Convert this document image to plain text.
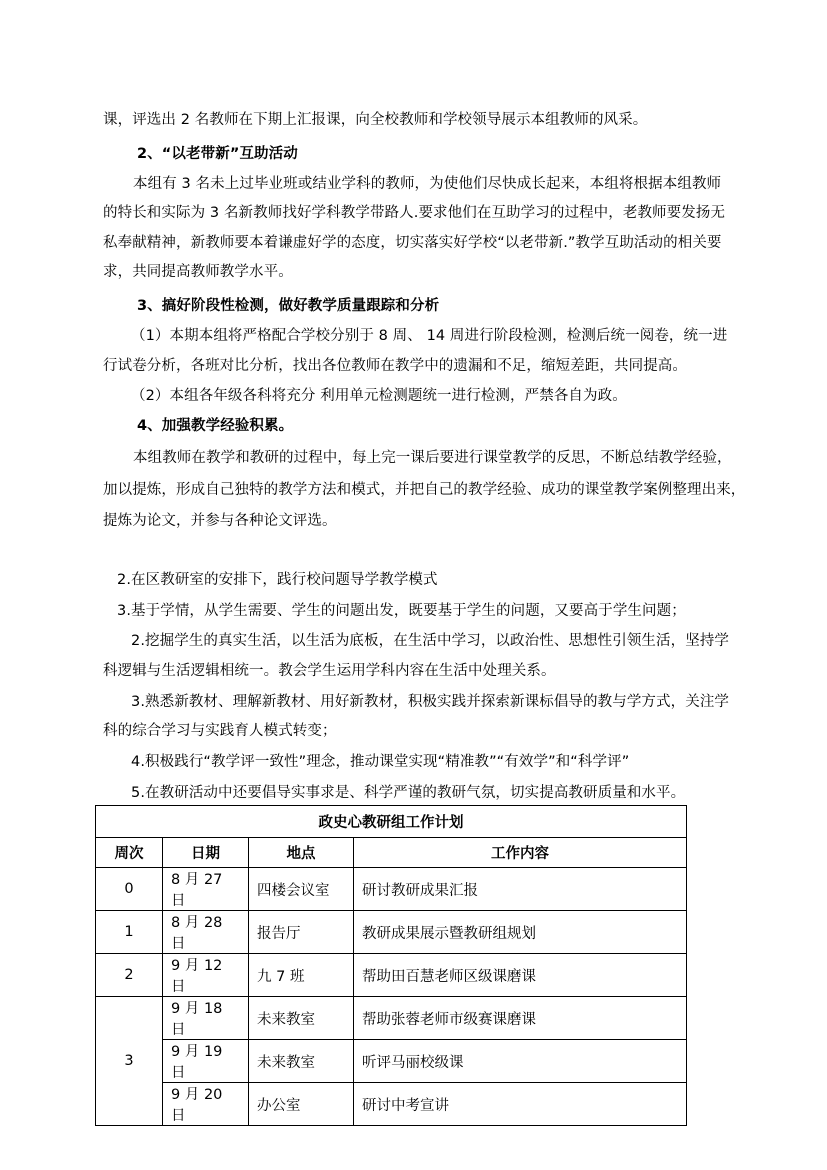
课，评选出 2 名教师在下期上汇报课，向全校教师和学校领导展示本组教师的风采。
2、“以老带新”互助活动
本组有 3 名未上过毕业班或结业学科的教师，为使他们尽快成长起来，本组将根据本组教师
的特长和实际为 3 名新教师找好学科教学带路人.要求他们在互助学习的过程中，老教师要发扬无
私奉献精神，新教师要本着谦虚好学的态度，切实落实好学校“以老带新.”教学互助活动的相关要
求，共同提高教师教学水平。
3、搞好阶段性检测，做好教学质量跟踪和分析
（1）本期本组将严格配合学校分别于 8 周、 14 周进行阶段检测，检测后统一阅卷，统一进
行试卷分析，各班对比分析，找出各位教师在教学中的遗漏和不足，缩短差距，共同提高。
（2）本组各年级各科将充分 利用单元检测题统一进行检测，严禁各自为政。
4、加强教学经验积累。
本组教师在教学和教研的过程中，每上完一课后要进行课堂教学的反思，不断总结教学经验，
加以提炼，形成自己独特的教学方法和模式，并把自己的教学经验、成功的课堂教学案例整理出来，
提炼为论文，并参与各种论文评选。
2.在区教研室的安排下，践行校问题导学教学模式
3.基于学情，从学生需要、学生的问题出发，既要基于学生的问题，又要高于学生问题；
2.挖掘学生的真实生活，以生活为底板，在生活中学习，以政治性、思想性引领生活，坚持学
科逻辑与生活逻辑相统一。教会学生运用学科内容在生活中处理关系。
3.熟悉新教材、理解新教材、用好新教材，积极实践并探索新课标倡导的教与学方式，关注学
科的综合学习与实践育人模式转变；
4.积极践行“教学评一致性”理念，推动课堂实现“精准教”“有效学”和“科学评”
5.在教研活动中还要倡导实事求是、科学严谨的教研气氛，切实提高教研质量和水平。
政史心教研组工作计划			
周次	日期	地点	工作内容
0	8 月 27 日	四楼会议室	研讨教研成果汇报
1	8 月 28 日	报告厅	教研成果展示暨教研组规划
2	9 月 12 日	九 7 班	帮助田百慧老师区级课磨课
3	9 月 18 日	未来教室	帮助张蓉老师市级赛课磨课
	9 月 19 日	未来教室	听评马丽校级课
	9 月 20 日	办公室	研讨中考宣讲
